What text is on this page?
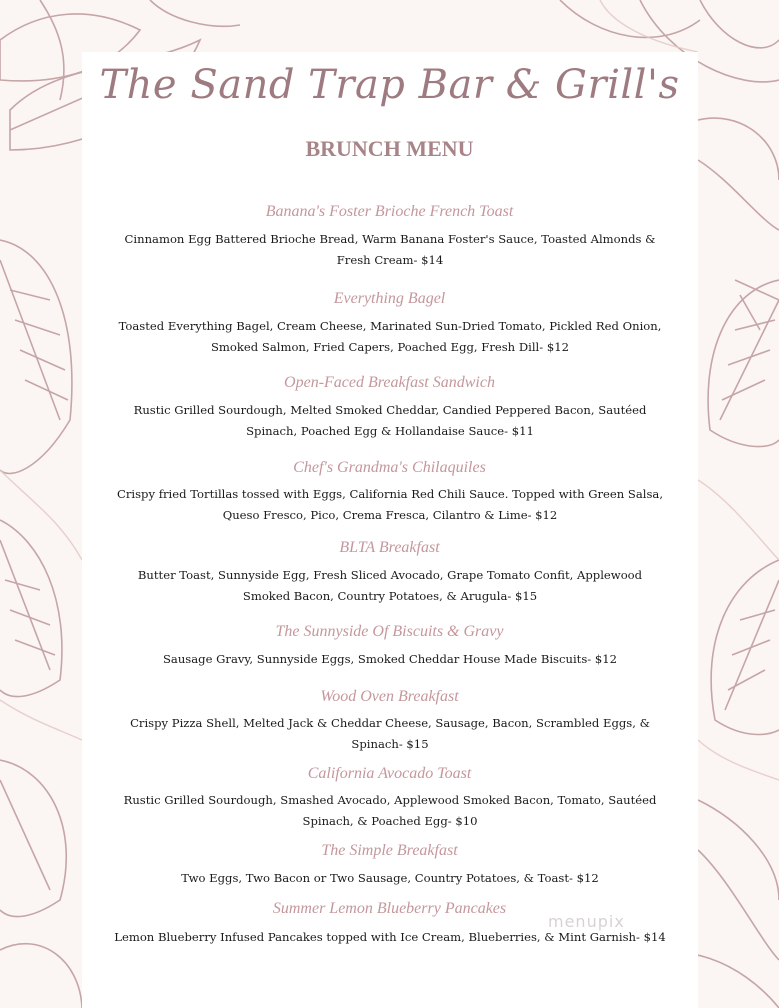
The Sand Trap Bar & Grill's
BRUNCH MENU
Banana's Foster Brioche French Toast
Cinnamon Egg Battered Brioche Bread, Warm Banana Foster's Sauce, Toasted Almonds &
Fresh Cream- $14
Everything Bagel
Toasted Everything Bagel, Cream Cheese, Marinated Sun-Dried Tomato, Pickled Red Onion,
Smoked Salmon, Fried Capers, Poached Egg, Fresh Dill- $12
Open-Faced Breakfast Sandwich
Rustic Grilled Sourdough, Melted Smoked Cheddar, Candied Peppered Bacon, Sautéed
Spinach, Poached Egg & Hollandaise Sauce- $11
Chef's Grandma's Chilaquiles
Crispy fried Tortillas tossed with Eggs, California Red Chili Sauce. Topped with Green Salsa,
Queso Fresco, Pico, Crema Fresca, Cilantro & Lime- $12
BLTA Breakfast
Butter Toast, Sunnyside Egg, Fresh Sliced Avocado, Grape Tomato Confit, Applewood
Smoked Bacon, Country Potatoes, & Arugula- $15
The Sunnyside Of Biscuits & Gravy
Sausage Gravy, Sunnyside Eggs, Smoked Cheddar House Made Biscuits- $12
Wood Oven Breakfast
Crispy Pizza Shell, Melted Jack & Cheddar Cheese, Sausage, Bacon, Scrambled Eggs, &
Spinach- $15
California Avocado Toast
Rustic Grilled Sourdough, Smashed Avocado, Applewood Smoked Bacon, Tomato, Sautéed
Spinach, & Poached Egg- $10
The Simple Breakfast
Two Eggs, Two Bacon or Two Sausage, Country Potatoes, & Toast- $12
Summer Lemon Blueberry Pancakes
Lemon Blueberry Infused Pancakes topped with Ice Cream, Blueberries, & Mint Garnish- $14
menupix
